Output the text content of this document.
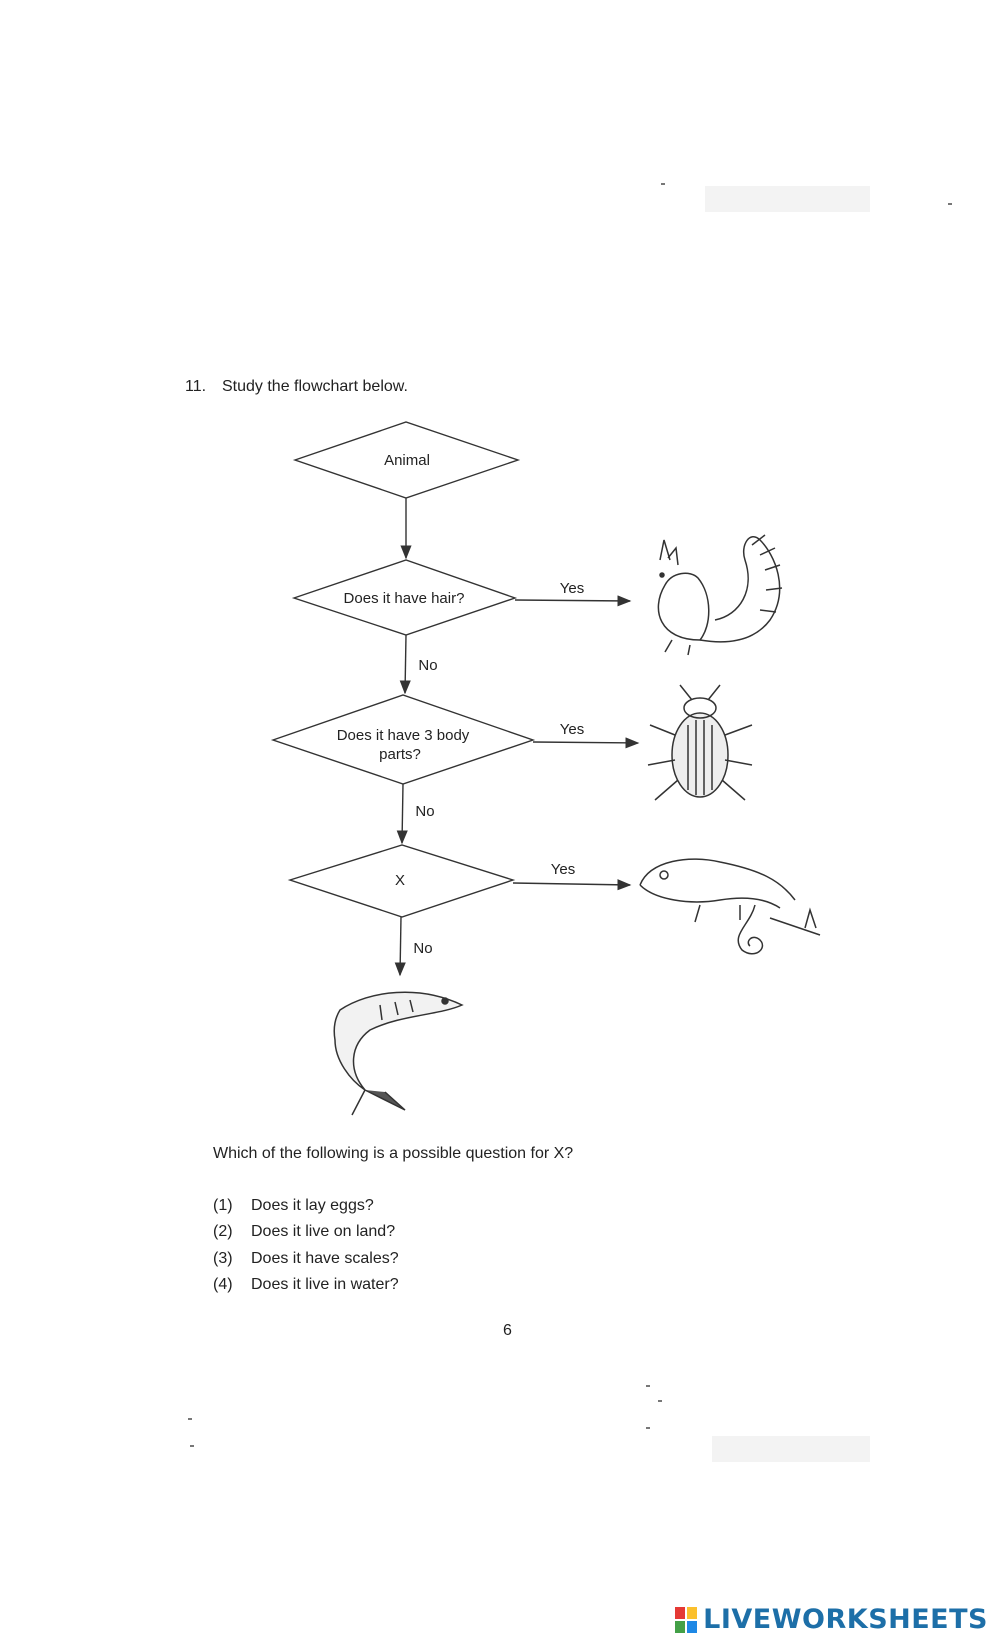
11. Study the flowchart below.
Animal
Does it have hair?
Does it have 3 body
parts?
X
Yes
Yes
Yes
No
No
No
Which of the following is a possible question for X?
(1) Does it lay eggs?
(2) Does it live on land?
(3) Does it have scales?
(4) Does it live in water?
6
LIVEWORKSHEETS
